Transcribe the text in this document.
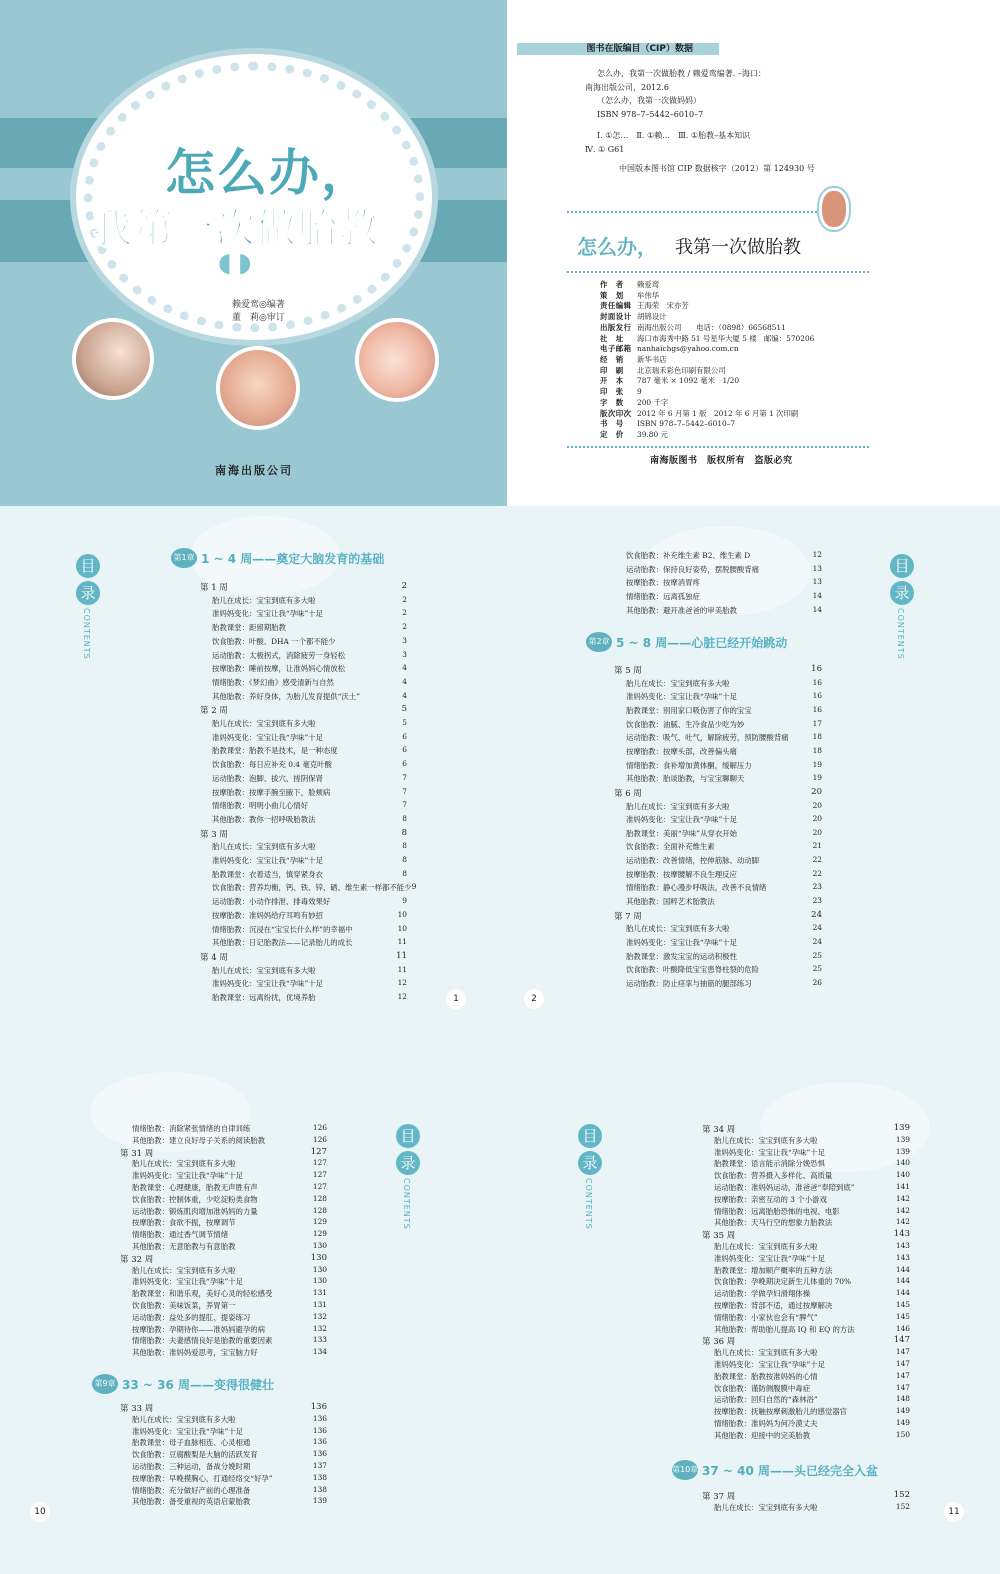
怎么办，
我第一次做胎教
◖◗
赖爱鸾◎编著
董　莉◎审订
南海出版公司
图书在版编目（CIP）数据
怎么办，我第一次做胎教 / 赖爱鸾编著. –海口：
南海出版公司，2012.6
（怎么办，我第一次做妈妈）
ISBN 978–7–5442–6010–7
Ⅰ. ①怎…　Ⅱ. ①赖…　Ⅲ. ①胎教–基本知识
Ⅳ. ① G61
中国版本图书馆 CIP 数据核字（2012）第 124930 号
怎么办， 我第一次做胎教
作　者	赖爱鸾
策　划	牟伟华
责任编辑 王海荣　宋亦芳
封面设计 胡锦设计
出版发行 南海出版公司　　电话：（0898）66568511
社　址	海口市海秀中路 51 号星华大厦 5 楼　邮编：570206
电子邮箱 nanhaichgs@yahoo.com.cn
经　销	新华书店
印　刷	北京瑞禾彩色印刷有限公司
开　本	787 毫米 × 1092 毫米　1/20
印　张	9
字　数	200 千字
版次印次 2012 年 6 月第 1 版　2012 年 6 月第 1 次印刷
书　号	ISBN 978–7–5442–6010–7
定　价	39.80 元
南海版图书　版权所有　盗版必究
目
录
CONTENTS
目
录
CONTENTS
第1章 1 ~ 4 周——奠定大脑发育的基础
第 1 周	2
胎儿在成长：宝宝到底有多大啦	2
准妈妈变化：宝宝让我“孕味”十足	2
胎教课堂：距留期胎教	2
饮食胎教：叶酸、DHA 一个都不能少	3
运动胎教：太极拐式，消除疲劳一身轻松	3
按摩胎教：睡前按摩，让准妈妈心情放松	4
情绪胎教：《梦幻曲》感受清新与自然	4
其他胎教：养好身体，为胎儿发育提供“沃土”	4
第 2 周	5
胎儿在成长：宝宝到底有多大啦	5
准妈妈变化：宝宝让我“孕味”十足	6
胎教课堂：胎教不是技术，是一种态度	6
饮食胎教：每日应补充 0.4 毫克叶酸	6
运动胎教：泡脚、拔穴、搓阴保肾	7
按摩胎教：按摩手腕至腋下，脸颊病	7
情绪胎教：明明小曲儿心情好	7
其他胎教：教你一招呼吸胎教法	8
第 3 周	8
胎儿在成长：宝宝到底有多大啦	8
准妈妈变化：宝宝让我“孕味”十足	8
胎教课堂：衣着适当，慎穿紧身衣	8
饮食胎教：营养均衡，钙、铁、锌、硒、维生素一样都不能少 9
运动胎教：小动作排泄、排毒效果好	9
按摩胎教：准妈妈给疗耳鸣有妙招	10
情绪胎教：沉浸在“宝宝长什么样”的幸福中	10
其他胎教：日记胎教法——记录胎儿的成长	11
第 4 周	11
胎儿在成长：宝宝到底有多大啦	11
准妈妈变化：宝宝让我“孕味”十足	12
胎教课堂：远离纷扰，优境养胎	12
饮食胎教：补充维生素 B2、维生素 D	12
运动胎教：保持良好姿势，摆脱腰酸背痛	13
按摩胎教：按摩消胃疼	13
情绪胎教：远离孤独症	14
其他胎教：避开准爸爸的审美胎教	14
第2章 5 ~ 8 周——心脏已经开始跳动
第 5 周	16
胎儿在成长：宝宝到底有多大啦	16
准妈妈变化：宝宝让我“孕味”十足	16
胎教课堂：别用家口吸伤害了你的宝宝	16
饮食胎教：油腻、生冷食品少吃为妙	17
运动胎教：吸气、吐气，解除疲劳，预防腰酸背痛	18
按摩胎教：按摩头部，改善偏头痛	18
情绪胎教：食补增加黄体酮，缓解压力	19
其他胎教：胎谈胎教，与宝宝聊聊天	19
第 6 周	20
胎儿在成长：宝宝到底有多大啦	20
准妈妈变化：宝宝让我“孕味”十足	20
胎教课堂：美丽“孕味”从穿衣开始	20
饮食胎教：全面补充维生素	21
运动胎教：改善情绪，控伸筋脉、动动脚	22
按摩胎教：按摩腰解不良生理反应	22
情绪胎教：静心漫步呼吸法，改善不良情绪	23
其他胎教：国粹艺术胎教法	23
第 7 周	24
胎儿在成长：宝宝到底有多大啦	24
准妈妈变化：宝宝让我“孕味”十足	24
胎教课堂：激发宝宝的运动积极性	25
饮食胎教：叶酸降低宝宝患脊柱裂的危险	25
运动胎教：防止痉挛与抽筋的腿部练习	26
1	2
目
录
CONTENTS
目
录
CONTENTS
情绪胎教：消除紧张情绪的自律训练	126
其他胎教：建立良好母子关系的阅读胎教	126
第 31 周	127
胎儿在成长：宝宝到底有多大啦	127
准妈妈变化：宝宝让我“孕味”十足	127
胎教课堂：心理健康，胎教无声胜有声	127
饮食胎教：控制体重，少吃淀粉类食物	128
运动胎教：锻炼肌肉增加准妈妈的力量	128
按摩胎教：食欲不振，按摩调节	129
情绪胎教：通过香气调节情绪	129
其他胎教：无意胎教与有意胎教	130
第 32 周	130
胎儿在成长：宝宝到底有多大啦	130
准妈妈变化：宝宝让我“孕味”十足	130
胎教课堂：和谐乐观，美好心灵的轻松感受	131
饮食胎教：美味饭菜，养胃第一	131
运动胎教：益处多的提肛、提姿练习	132
按摩胎教：孕期待你——准妈妈避孕的病	132
情绪胎教：夫妻感情良好是胎教的重要因素	133
其他胎教：准妈妈爱思考，宝宝脑力好	134
第9章 33 ~ 36 周——变得很健壮
第 33 周	136
胎儿在成长：宝宝到底有多大啦	136
准妈妈变化：宝宝让我“孕味”十足	136
胎教课堂：母子血脉相连、心灵相通	136
饮食胎教：豆腐酸梨是大脑的活跃发育	136
运动胎教：三种运动，备战分娩时期	137
按摩胎教：早晚摸胸心，打通经络交“好孕”	138
情绪胎教：充分做好产前的心理准备	138
其他胎教：备受重视的英语启蒙胎教	139
第 34 周	139
胎儿在成长：宝宝到底有多大啦	139
准妈妈变化：宝宝让我“孕味”十足	139
胎教课堂：语言能示消除分娩恐惧	140
饮食胎教：营养摄入多样化、高质量	140
运动胎教：准妈妈运动，准爸爸“奉陪到底”	141
按摩胎教：亲密互动的 3 个小游戏	142
情绪胎教：远离胎胎恐怖的电视、电影	142
其他胎教：天马行空的想象力胎教法	142
第 35 周	143
胎儿在成长：宝宝到底有多大啦	143
准妈妈变化：宝宝让我“孕味”十足	143
胎教课堂：增加顺产概率的五种方法	144
饮食胎教：孕晚期决定新生儿体重的 70%	144
运动胎教：学做孕妇滑翔体操	144
按摩胎教：背部不适，通过按摩解决	145
情绪胎教：小家伙也会有“脾气”	145
其他胎教：帮助胎儿提高 IQ 和 EQ 的方法	146
第 36 周	147
胎儿在成长：宝宝到底有多大啦	147
准妈妈变化：宝宝让我“孕味”十足	147
胎教课堂：胎教按准妈妈的心情	147
饮食胎教：谨防侧腹膜中毒症	147
运动胎教：回归自然的“森林浴”	148
按摩胎教：抚触按摩刺激胎儿的感觉器官	149
情绪胎教：准妈妈为何冷漠丈夫	149
其他胎教：迎接中的完美胎教	150
第10章 37 ~ 40 周——头已经完全入盆
第 37 周	152
胎儿在成长：宝宝到底有多大啦	152
10	11
